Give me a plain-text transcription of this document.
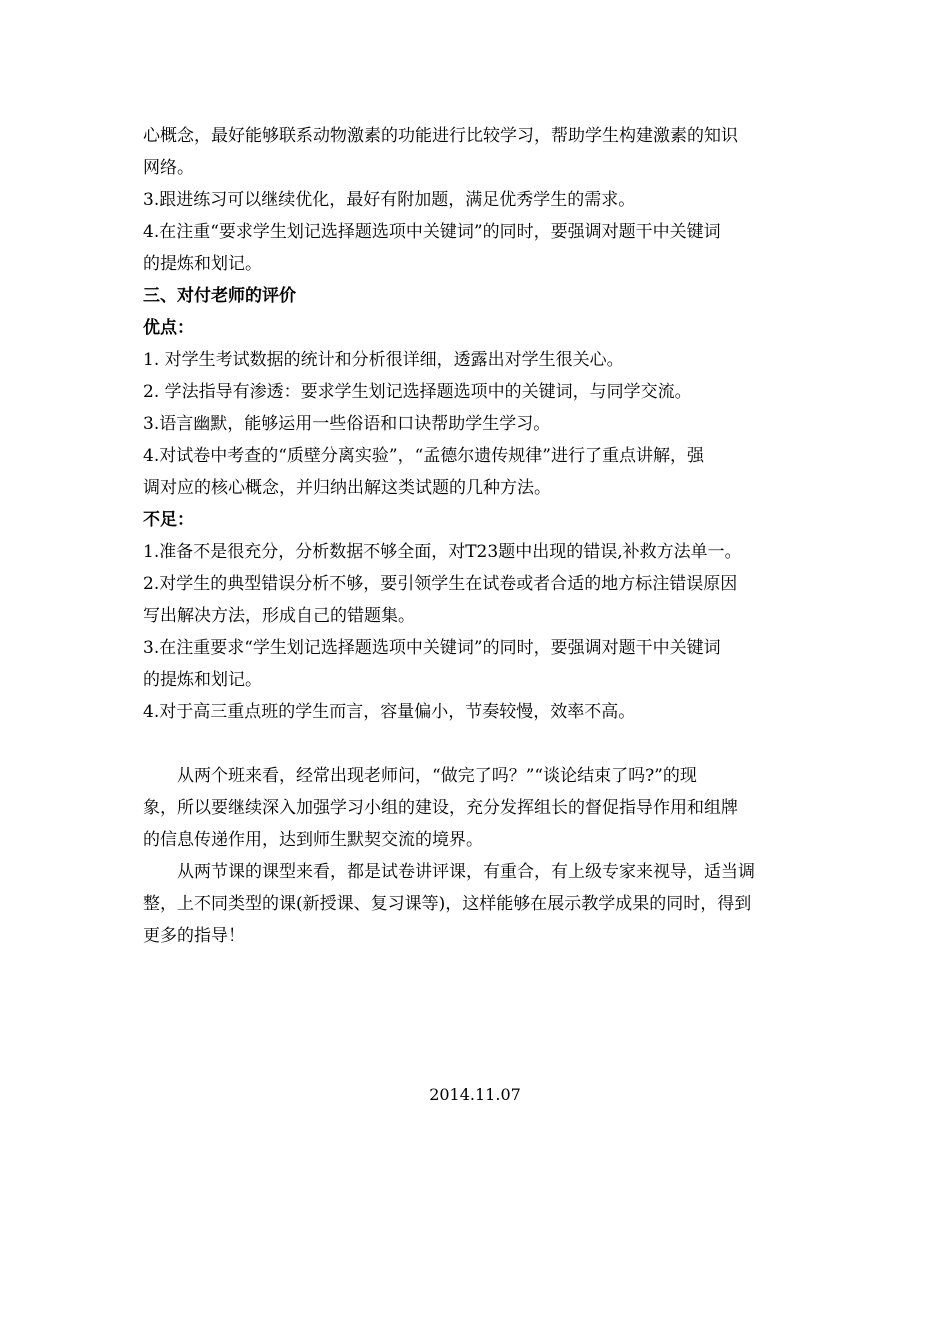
心概念，最好能够联系动物激素的功能进行比较学习，帮助学生构建激素的知识
网络。
3.跟进练习可以继续优化，最好有附加题，满足优秀学生的需求。
4.在注重“要求学生划记选择题选项中关键词”的同时，要强调对题干中关键词
的提炼和划记。
三、对付老师的评价
优点：
1. 对学生考试数据的统计和分析很详细，透露出对学生很关心。
2. 学法指导有渗透：要求学生划记选择题选项中的关键词，与同学交流。
3.语言幽默，能够运用一些俗语和口诀帮助学生学习。
4.对试卷中考查的“质壁分离实验”，“孟德尔遗传规律”进行了重点讲解，强
调对应的核心概念，并归纳出解这类试题的几种方法。
不足：
1.准备不是很充分，分析数据不够全面，对T23题中出现的错误,补救方法单一。
2.对学生的典型错误分析不够，要引领学生在试卷或者合适的地方标注错误原因
写出解决方法，形成自己的错题集。
3.在注重要求“学生划记选择题选项中关键词”的同时，要强调对题干中关键词
的提炼和划记。
4.对于高三重点班的学生而言，容量偏小，节奏较慢，效率不高。
从两个班来看，经常出现老师问，“做完了吗？”“谈论结束了吗?”的现
象，所以要继续深入加强学习小组的建设，充分发挥组长的督促指导作用和组牌
的信息传递作用，达到师生默契交流的境界。
从两节课的课型来看，都是试卷讲评课，有重合，有上级专家来视导，适当调
整，上不同类型的课(新授课、复习课等)，这样能够在展示教学成果的同时，得到
更多的指导！
2014.11.07
